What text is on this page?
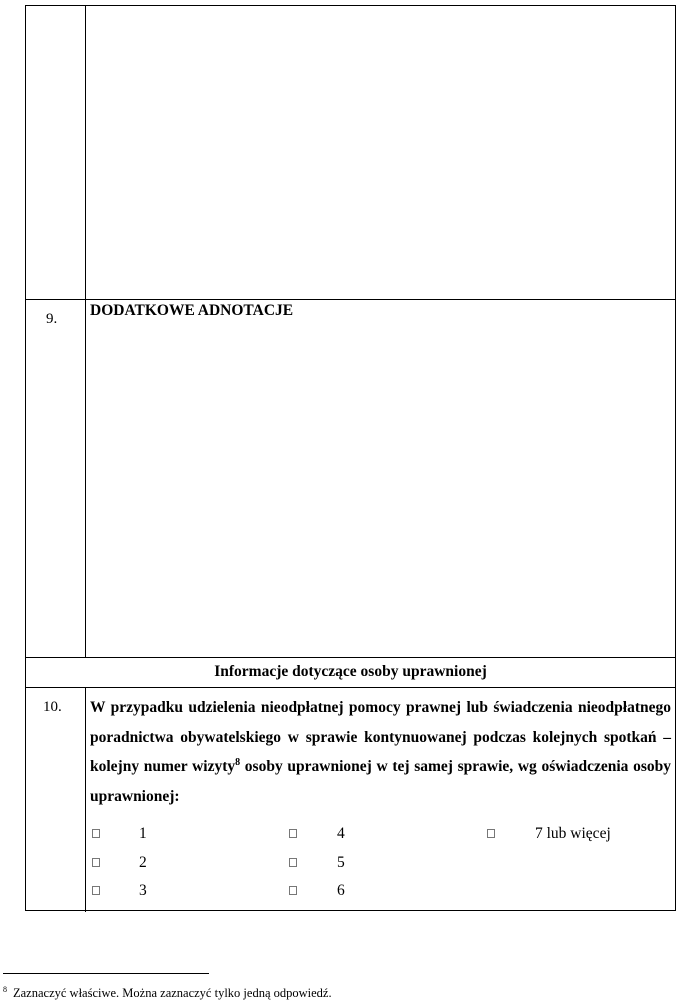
9. DODATKOWE ADNOTACJE
Informacje dotyczące osoby uprawnionej
10. W przypadku udzielenia nieodpłatnej pomocy prawnej lub świadczenia nieodpłatnego poradnictwa obywatelskiego w sprawie kontynuowanej podczas kolejnych spotkań – kolejny numer wizyty$^8$ osoby uprawnionej w tej samej sprawie, wg oświadczenia osoby uprawnionej:
1
2
3
4
5
6
7 lub więcej
$^8$ Zaznaczyć właściwe. Można zaznaczyć tylko jedną odpowiedź.
